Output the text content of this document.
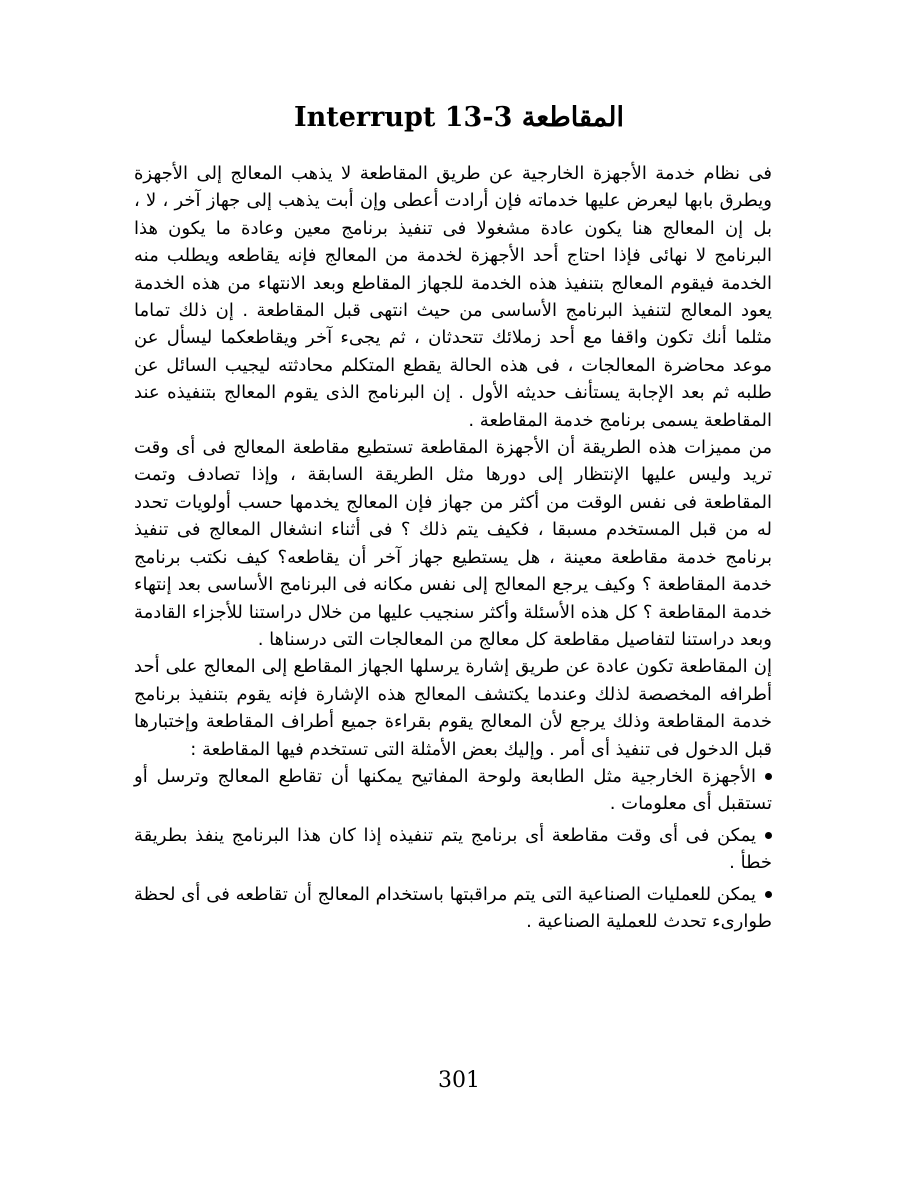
Interrupt المقاطعة 3-13

فى نظام خدمة الأجهزة الخارجية عن طريق المقاطعة لا يذهب المعالج إلى الأجهزة ويطرق بابها ليعرض عليها خدماته فإن أرادت أعطى وإن أبت يذهب إلى جهاز آخر ، لا ، بل إن المعالج هنا يكون عادة مشغولا فى تنفيذ برنامج معين وعادة ما يكون هذا البرنامج لا نهائى فإذا احتاج أحد الأجهزة لخدمة من المعالج فإنه يقاطعه ويطلب منه الخدمة فيقوم المعالج بتنفيذ هذه الخدمة للجهاز المقاطع وبعد الانتهاء من هذه الخدمة يعود المعالج لتنفيذ البرنامج الأساسى من حيث انتهى قبل المقاطعة . إن ذلك تماما مثلما أنك تكون واقفا مع أحد زملائك تتحدثان ، ثم يجىء آخر ويقاطعكما ليسأل عن موعد محاضرة المعالجات ، فى هذه الحالة يقطع المتكلم محادثته ليجيب السائل عن طلبه ثم بعد الإجابة يستأنف حديثه الأول . إن البرنامج الذى يقوم المعالج بتنفيذه عند المقاطعة يسمى برنامج خدمة المقاطعة .

من مميزات هذه الطريقة أن الأجهزة المقاطعة تستطيع مقاطعة المعالج فى أى وقت تريد وليس عليها الإنتظار إلى دورها مثل الطريقة السابقة ، وإذا تصادف وتمت المقاطعة فى نفس الوقت من أكثر من جهاز فإن المعالج يخدمها حسب أولويات تحدد له من قبل المستخدم مسبقا ، فكيف يتم ذلك ؟ فى أثناء انشغال المعالج فى تنفيذ برنامج خدمة مقاطعة معينة ، هل يستطيع جهاز آخر أن يقاطعه؟ كيف نكتب برنامج خدمة المقاطعة ؟ وكيف يرجع المعالج إلى نفس مكانه فى البرنامج الأساسى بعد إنتهاء خدمة المقاطعة ؟ كل هذه الأسئلة وأكثر سنجيب عليها من خلال دراستنا للأجزاء القادمة وبعد دراستنا لتفاصيل مقاطعة كل معالج من المعالجات التى درسناها .

إن المقاطعة تكون عادة عن طريق إشارة يرسلها الجهاز المقاطع إلى المعالج على أحد أطرافه المخصصة لذلك وعندما يكتشف المعالج هذه الإشارة فإنه يقوم بتنفيذ برنامج خدمة المقاطعة وذلك يرجع لأن المعالج يقوم بقراءة جميع أطراف المقاطعة وإختبارها قبل الدخول فى تنفيذ أى أمر . وإليك بعض الأمثلة التى تستخدم فيها المقاطعة :

الأجهزة الخارجية مثل الطابعة ولوحة المفاتيح يمكنها أن تقاطع المعالج وترسل أو تستقبل أى معلومات .
يمكن فى أى وقت مقاطعة أى برنامج يتم تنفيذه إذا كان هذا البرنامج ينفذ بطريقة خطأ .
يمكن للعمليات الصناعية التى يتم مراقبتها باستخدام المعالج أن تقاطعه فى أى لحظة طوارىء تحدث للعملية الصناعية .
301
